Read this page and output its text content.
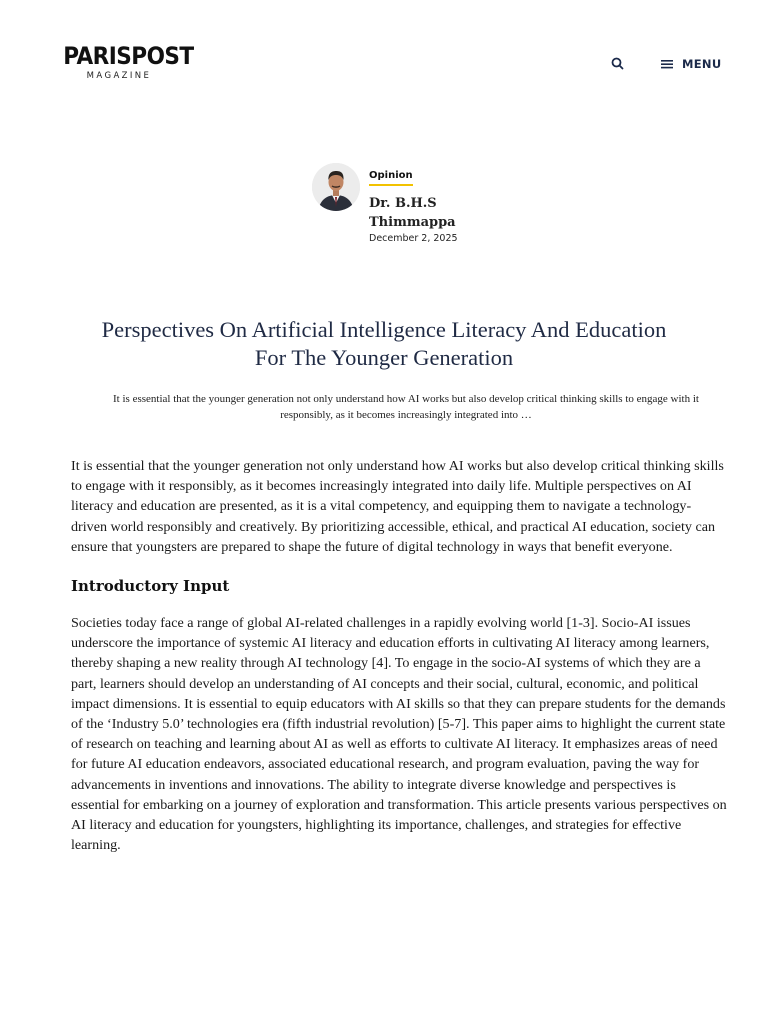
PARISPOST
MAGAZINE
MENU
Opinion
Dr. B.H.S Thimmappa
December 2, 2025
Perspectives On Artificial Intelligence Literacy And Education For The Younger Generation

It is essential that the younger generation not only understand how AI works but also develop critical thinking skills to engage with it responsibly, as it becomes increasingly integrated into …

It is essential that the younger generation not only understand how AI works but also develop critical thinking skills to engage with it responsibly, as it becomes increasingly integrated into daily life. Multiple perspectives on AI literacy and education are presented, as it is a vital competency, and equipping them to navigate a technology-driven world responsibly and creatively. By prioritizing accessible, ethical, and practical AI education, society can ensure that youngsters are prepared to shape the future of digital technology in ways that benefit everyone.

Introductory Input

Societies today face a range of global AI-related challenges in a rapidly evolving world [1-3]. Socio-AI issues underscore the importance of systemic AI literacy and education efforts in cultivating AI literacy among learners, thereby shaping a new reality through AI technology [4]. To engage in the socio-AI systems of which they are a part, learners should develop an understanding of AI concepts and their social, cultural, economic, and political impact dimensions. It is essential to equip educators with AI skills so that they can prepare students for the demands of the ‘Industry 5.0’ technologies era (fifth industrial revolution) [5-7]. This paper aims to highlight the current state of research on teaching and learning about AI as well as efforts to cultivate AI literacy. It emphasizes areas of need for future AI education endeavors, associated educational research, and program evaluation, paving the way for advancements in inventions and innovations. The ability to integrate diverse knowledge and perspectives is essential for embarking on a journey of exploration and transformation. This article presents various perspectives on AI literacy and education for youngsters, highlighting its importance, challenges, and strategies for effective learning.
